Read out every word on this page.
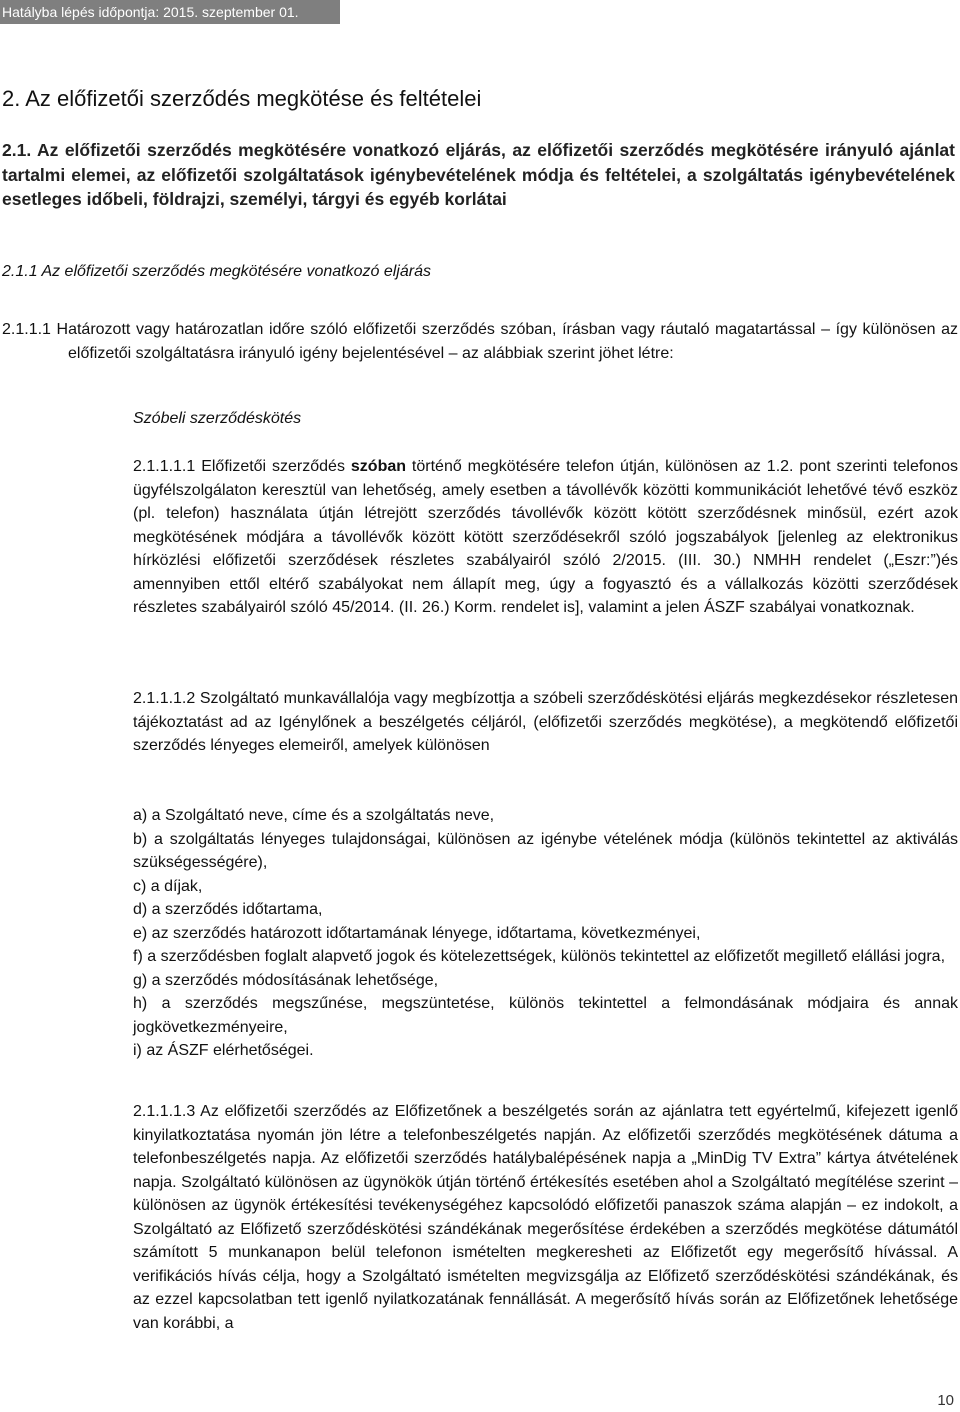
Hatályba lépés időpontja: 2015. szeptember 01.
2. Az előfizetői szerződés megkötése és feltételei

2.1. Az előfizetői szerződés megkötésére vonatkozó eljárás, az előfizetői szerződés megkötésére irányuló ajánlat tartalmi elemei, az előfizetői szolgáltatások igénybevételének módja és feltételei, a szolgáltatás igénybevételének esetleges időbeli, földrajzi, személyi, tárgyi és egyéb korlátai

2.1.1 Az előfizetői szerződés megkötésére vonatkozó eljárás

2.1.1.1 Határozott vagy határozatlan időre szóló előfizetői szerződés szóban, írásban vagy ráutaló magatartással – így különösen az előfizetői szolgáltatásra irányuló igény bejelentésével – az alábbiak szerint jöhet létre:

Szóbeli szerződéskötés

2.1.1.1.1 Előfizetői szerződés szóban történő megkötésére telefon útján, különösen az 1.2. pont szerinti telefonos ügyfélszolgálaton keresztül van lehetőség, amely esetben a távollévők közötti kommunikációt lehetővé tévő eszköz (pl. telefon) használata útján létrejött szerződés távollévők között kötött szerződésnek minősül, ezért azok megkötésének módjára a távollévők között kötött szerződésekről szóló jogszabályok [jelenleg az elektronikus hírközlési előfizetői szerződések részletes szabályairól szóló 2/2015. (III. 30.) NMHH rendelet („Eszr:”)és amennyiben ettől eltérő szabályokat nem állapít meg, úgy a fogyasztó és a vállalkozás közötti szerződések részletes szabályairól szóló 45/2014. (II. 26.) Korm. rendelet is], valamint a jelen ÁSZF szabályai vonatkoznak.

2.1.1.1.2 Szolgáltató munkavállalója vagy megbízottja a szóbeli szerződéskötési eljárás megkezdésekor részletesen tájékoztatást ad az Igénylőnek a beszélgetés céljáról, (előfizetői szerződés megkötése), a megkötendő előfizetői szerződés lényeges elemeiről, amelyek különösen

a) a Szolgáltató neve, címe és a szolgáltatás neve,
b) a szolgáltatás lényeges tulajdonságai, különösen az igénybe vételének módja (különös tekintettel az aktiválás szükségességére),
c) a díjak,
d) a szerződés időtartama,
e) az szerződés határozott időtartamának lényege, időtartama, következményei,
f) a szerződésben foglalt alapvető jogok és kötelezettségek, különös tekintettel az előfizetőt megillető elállási jogra,
g) a szerződés módosításának lehetősége,
h) a szerződés megszűnése, megszüntetése, különös tekintettel a felmondásának módjaira és annak jogkövetkezményeire,
i) az ÁSZF elérhetőségei.

2.1.1.1.3 Az előfizetői szerződés az Előfizetőnek a beszélgetés során az ajánlatra tett egyértelmű, kifejezett igenlő kinyilatkoztatása nyomán jön létre a telefonbeszélgetés napján. Az előfizetői szerződés megkötésének dátuma a telefonbeszélgetés napja. Az előfizetői szerződés hatálybalépésének napja a „MinDig TV Extra” kártya átvételének napja. Szolgáltató különösen az ügynökök útján történő értékesítés esetében ahol a Szolgáltató megítélése szerint – különösen az ügynök értékesítési tevékenységéhez kapcsolódó előfizetői panaszok száma alapján – ez indokolt, a Szolgáltató az Előfizető szerződéskötési szándékának megerősítése érdekében a szerződés megkötése dátumától számított 5 munkanapon belül telefonon ismételten megkeresheti az Előfizetőt egy megerősítő hívással. A verifikációs hívás célja, hogy a Szolgáltató ismételten megvizsgálja az Előfizető szerződéskötési szándékának, és az ezzel kapcsolatban tett igenlő nyilatkozatának fennállását. A megerősítő hívás során az Előfizetőnek lehetősége van korábbi, a

10
